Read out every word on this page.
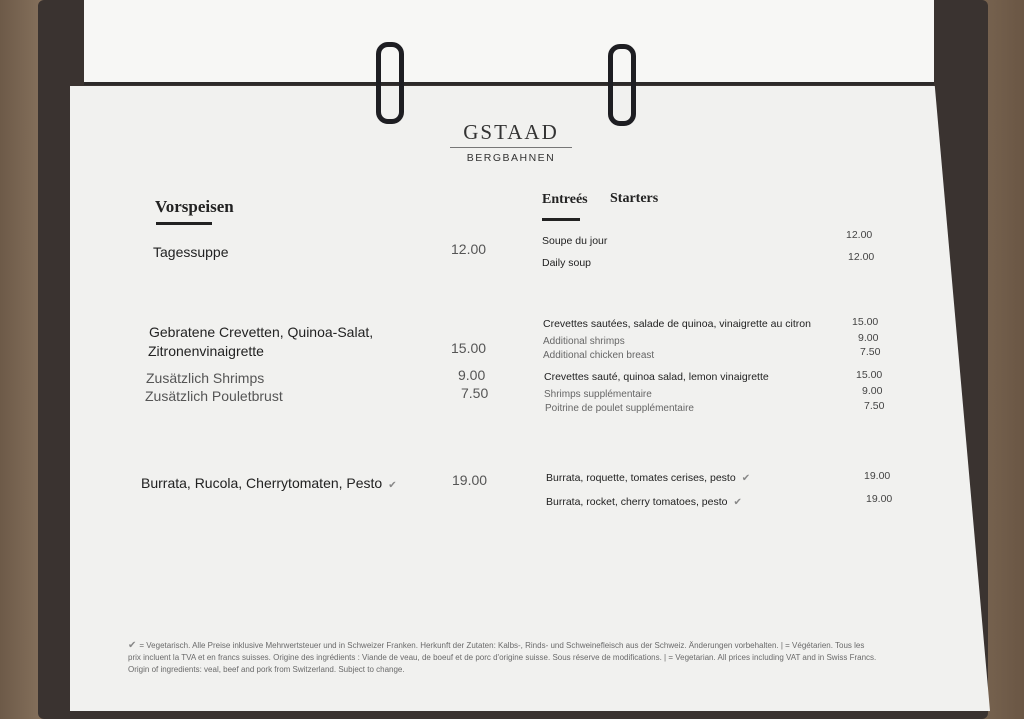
GSTAAD
BERGBAHNEN
Vorspeisen
Tagessuppe	12.00
Gebratene Crevetten, Quinoa-Salat,
Zitronenvinaigrette	15.00
Zusätzlich Shrimps	9.00
Zusätzlich Pouletbrust	7.50
Burrata, Rucola, Cherrytomaten, Pesto ✔	19.00
Entreés Starters
Soupe du jour	12.00
Daily soup	12.00
Crevettes sautées, salade de quinoa, vinaigrette au citron	15.00
Additional shrimps	9.00
Additional chicken breast	7.50
Crevettes sauté, quinoa salad, lemon vinaigrette	15.00
Shrimps supplémentaire	9.00
Poitrine de poulet supplémentaire	7.50
Burrata, roquette, tomates cerises, pesto ✔	19.00
Burrata, rocket, cherry tomatoes, pesto ✔	19.00
✔ = Vegetarisch. Alle Preise inklusive Mehrwertsteuer und in Schweizer Franken. Herkunft der Zutaten: Kalbs-, Rinds- und Schweinefleisch aus der Schweiz. Änderungen vorbehalten. | = Végétarien. Tous les
prix incluent la TVA et en francs suisses. Origine des ingrédients : Viande de veau, de boeuf et de porc d'origine suisse. Sous réserve de modifications. | = Vegetarian. All prices including VAT and in Swiss Francs.
Origin of ingredients: veal, beef and pork from Switzerland. Subject to change.
